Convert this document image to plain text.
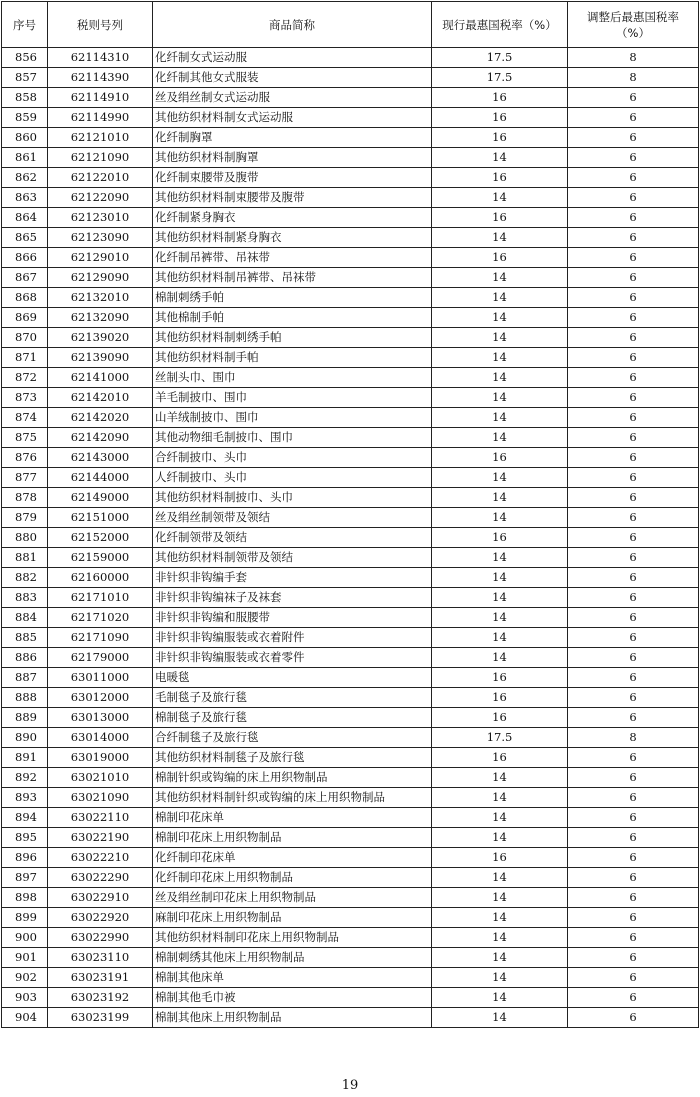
序号	税则号列	商品简称	现行最惠国税率（%）	调整后最惠国税率
（%）
856	62114310	化纤制女式运动服	17.5	8
857	62114390	化纤制其他女式服装	17.5	8
858	62114910	丝及绢丝制女式运动服	16	6
859	62114990	其他纺织材料制女式运动服	16	6
860	62121010	化纤制胸罩	16	6
861	62121090	其他纺织材料制胸罩	14	6
862	62122010	化纤制束腰带及腹带	16	6
863	62122090	其他纺织材料制束腰带及腹带	14	6
864	62123010	化纤制紧身胸衣	16	6
865	62123090	其他纺织材料制紧身胸衣	14	6
866	62129010	化纤制吊裤带、吊袜带	16	6
867	62129090	其他纺织材料制吊裤带、吊袜带	14	6
868	62132010	棉制刺绣手帕	14	6
869	62132090	其他棉制手帕	14	6
870	62139020	其他纺织材料制刺绣手帕	14	6
871	62139090	其他纺织材料制手帕	14	6
872	62141000	丝制头巾、围巾	14	6
873	62142010	羊毛制披巾、围巾	14	6
874	62142020	山羊绒制披巾、围巾	14	6
875	62142090	其他动物细毛制披巾、围巾	14	6
876	62143000	合纤制披巾、头巾	16	6
877	62144000	人纤制披巾、头巾	14	6
878	62149000	其他纺织材料制披巾、头巾	14	6
879	62151000	丝及绢丝制领带及领结	14	6
880	62152000	化纤制领带及领结	16	6
881	62159000	其他纺织材料制领带及领结	14	6
882	62160000	非针织非钩编手套	14	6
883	62171010	非针织非钩编袜子及袜套	14	6
884	62171020	非针织非钩编和服腰带	14	6
885	62171090	非针织非钩编服装或衣着附件	14	6
886	62179000	非针织非钩编服装或衣着零件	14	6
887	63011000	电暖毯	16	6
888	63012000	毛制毯子及旅行毯	16	6
889	63013000	棉制毯子及旅行毯	16	6
890	63014000	合纤制毯子及旅行毯	17.5	8
891	63019000	其他纺织材料制毯子及旅行毯	16	6
892	63021010	棉制针织或钩编的床上用织物制品	14	6
893	63021090	其他纺织材料制针织或钩编的床上用织物制品	14	6
894	63022110	棉制印花床单	14	6
895	63022190	棉制印花床上用织物制品	14	6
896	63022210	化纤制印花床单	16	6
897	63022290	化纤制印花床上用织物制品	14	6
898	63022910	丝及绢丝制印花床上用织物制品	14	6
899	63022920	麻制印花床上用织物制品	14	6
900	63022990	其他纺织材料制印花床上用织物制品	14	6
901	63023110	棉制刺绣其他床上用织物制品	14	6
902	63023191	棉制其他床单	14	6
903	63023192	棉制其他毛巾被	14	6
904	63023199	棉制其他床上用织物制品	14	6
19
